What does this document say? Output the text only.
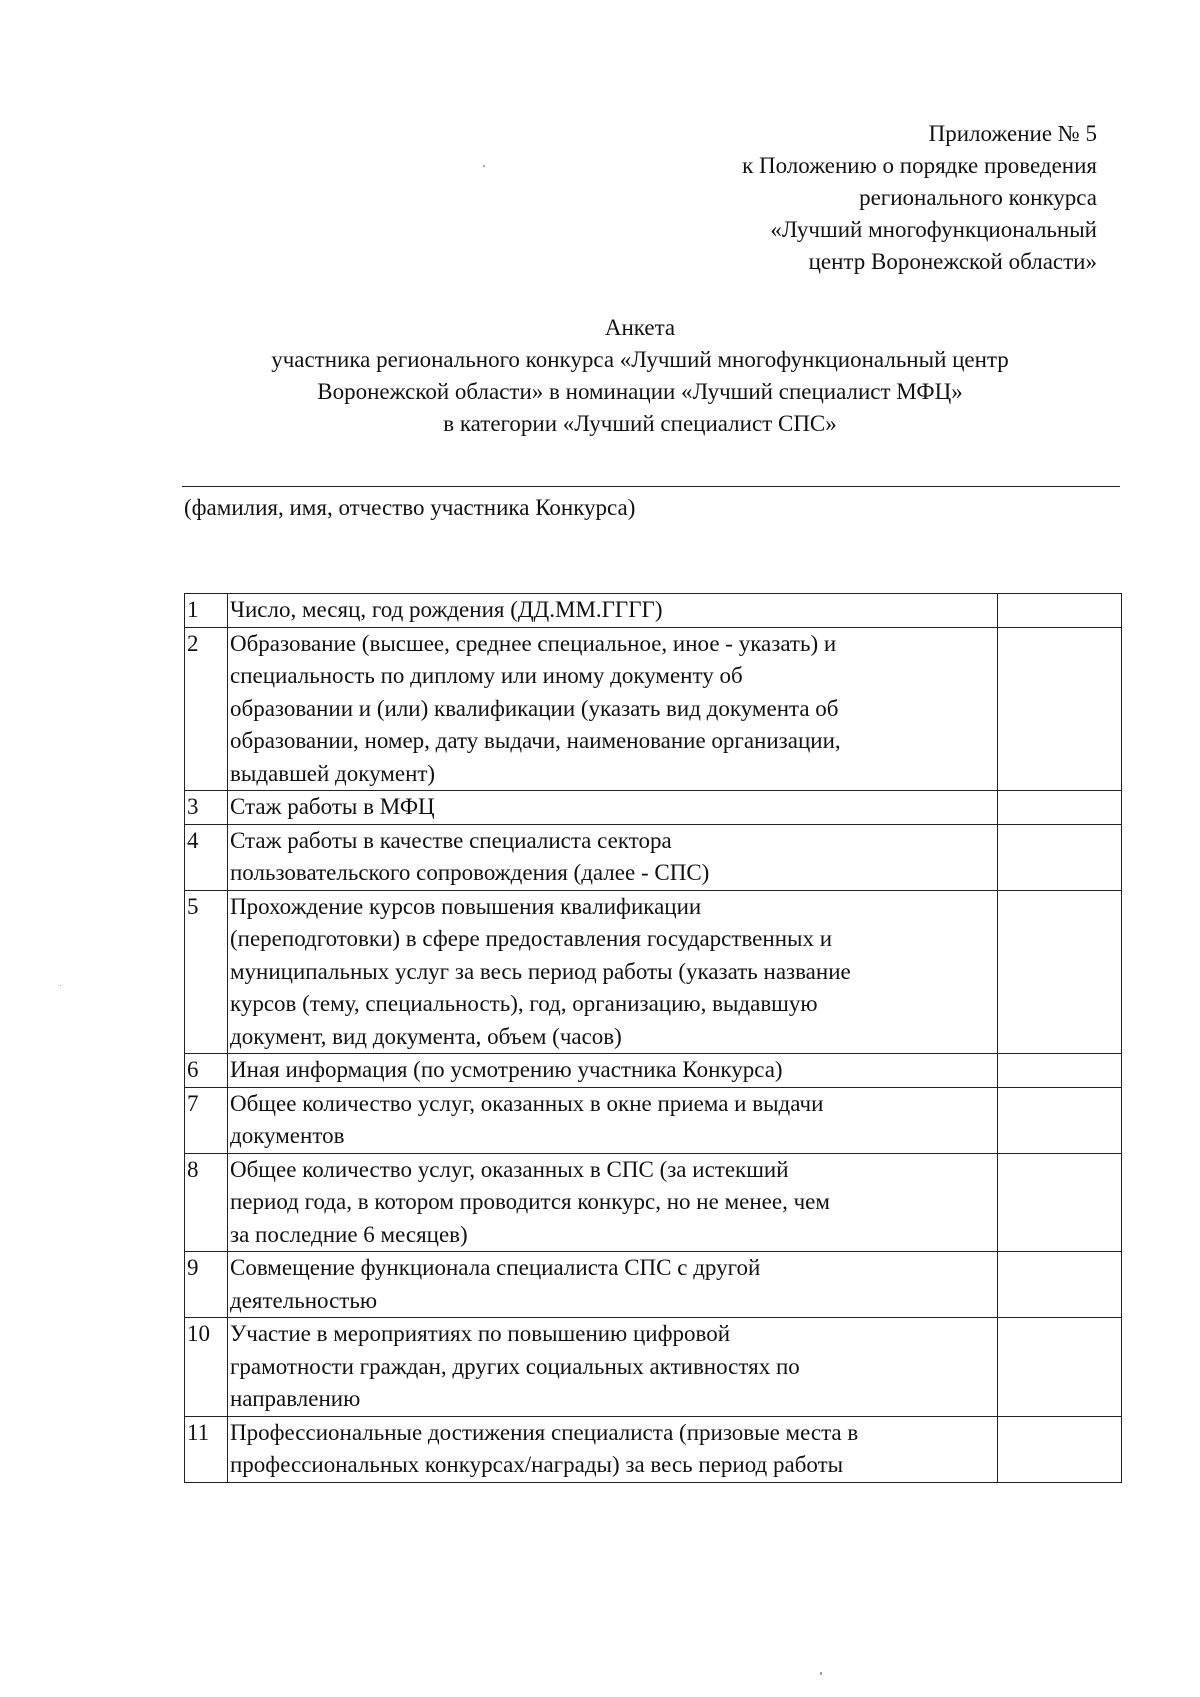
Приложение № 5
к Положению о порядке проведения
регионального конкурса
«Лучший многофункциональный
центр Воронежской области»
Анкета
участника регионального конкурса «Лучший многофункциональный центр
Воронежской области» в номинации «Лучший специалист МФЦ»
в категории «Лучший специалист СПС»
(фамилия, имя, отчество участника Конкурса)
1	Число, месяц, год рождения (ДД.ММ.ГГГГ)	

2	Образование (высшее, среднее специальное, иное - указать) и
специальность по диплому или иному документу об
образовании и (или) квалификации (указать вид документа об
образовании, номер, дату выдачи, наименование организации,
выдавшей документ)	

3	Стаж работы в МФЦ	

4	Стаж работы в качестве специалиста сектора
пользовательского сопровождения (далее - СПС)	

5	Прохождение курсов повышения квалификации
(переподготовки) в сфере предоставления государственных и
муниципальных услуг за весь период работы (указать название
курсов (тему, специальность), год, организацию, выдавшую
документ, вид документа, объем (часов)	

6	Иная информация (по усмотрению участника Конкурса)	

7	Общее количество услуг, оказанных в окне приема и выдачи
документов	

8	Общее количество услуг, оказанных в СПС (за истекший
период года, в котором проводится конкурс, но не менее, чем
за последние 6 месяцев)	

9	Совмещение функционала специалиста СПС с другой
деятельностью	

10	Участие в мероприятиях по повышению цифровой
грамотности граждан, других социальных активностях по
направлению	

11	Профессиональные достижения специалиста (призовые места в
профессиональных конкурсах/награды) за весь период работы	
